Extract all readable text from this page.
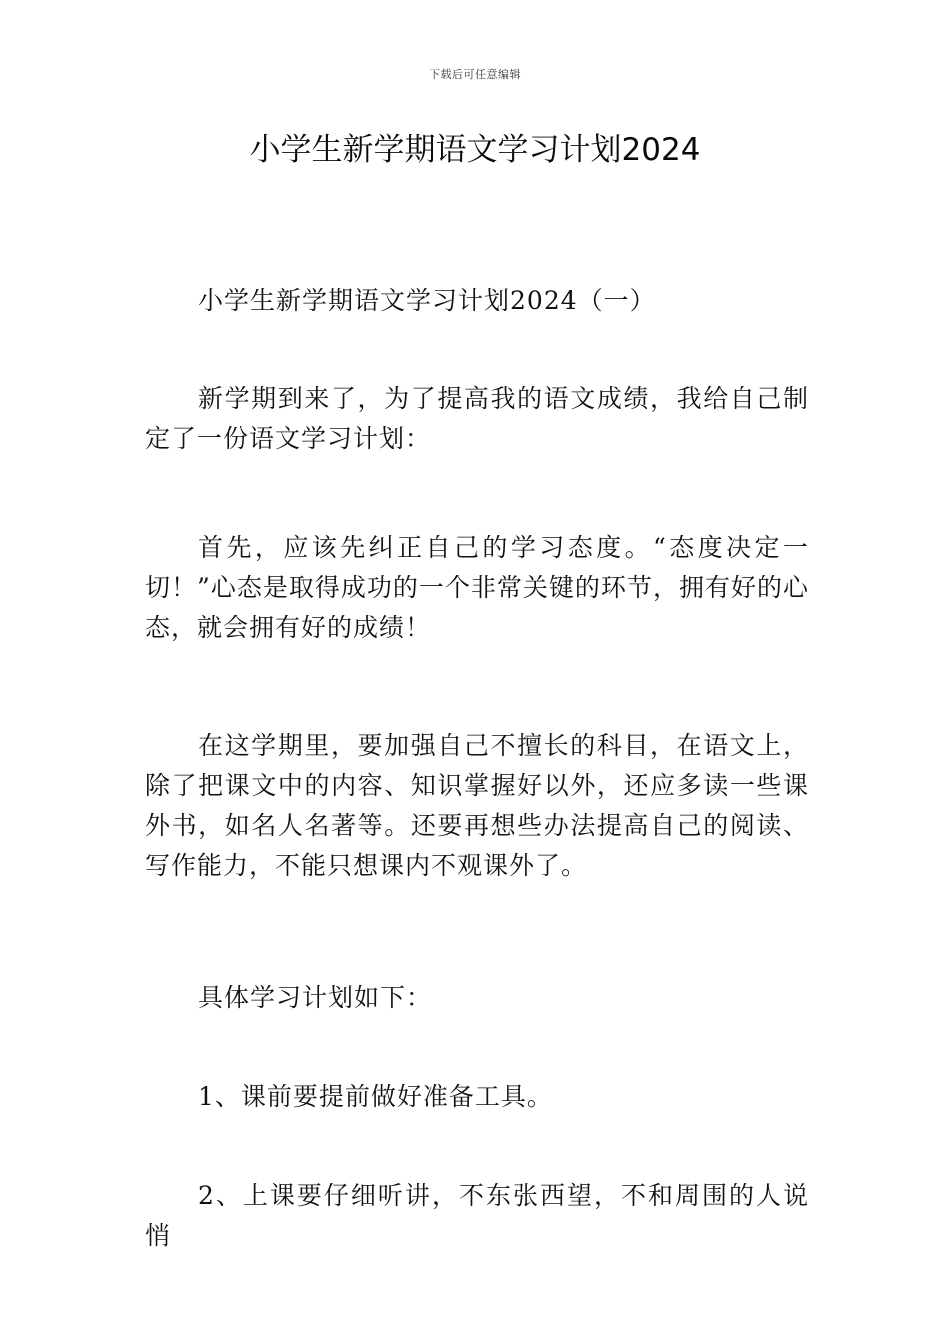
下载后可任意编辑
小学生新学期语文学习计划2024

小学生新学期语文学习计划2024（一）

新学期到来了，为了提高我的语文成绩，我给自己制定了一份语文学习计划：

首先，应该先纠正自己的学习态度。“态度决定一切！”心态是取得成功的一个非常关键的环节，拥有好的心态，就会拥有好的成绩！

在这学期里，要加强自己不擅长的科目，在语文上，除了把课文中的内容、知识掌握好以外，还应多读一些课外书，如名人名著等。还要再想些办法提高自己的阅读、写作能力，不能只想课内不观课外了。

具体学习计划如下：

1、课前要提前做好准备工具。

2、上课要仔细听讲，不东张西望，不和周围的人说悄
